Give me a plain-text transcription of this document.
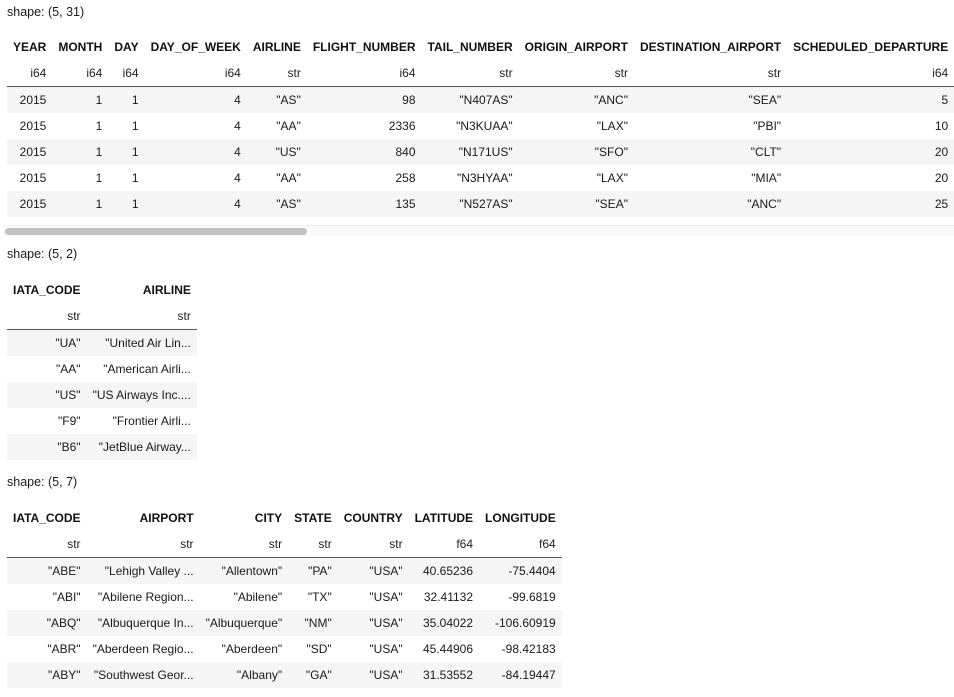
shape: (5, 31)
YEAR	MONTH	DAY	DAY_OF_WEEK	AIRLINE	FLIGHT_NUMBER	TAIL_NUMBER	ORIGIN_AIRPORT	DESTINATION_AIRPORT	SCHEDULED_DEPARTURE
i64	i64	i64	i64	str	i64	str	str	str	i64
2015	1	1	4	"AS"	98	"N407AS"	"ANC"	"SEA"	5
2015	1	1	4	"AA"	2336	"N3KUAA"	"LAX"	"PBI"	10
2015	1	1	4	"US"	840	"N171US"	"SFO"	"CLT"	20
2015	1	1	4	"AA"	258	"N3HYAA"	"LAX"	"MIA"	20
2015	1	1	4	"AS"	135	"N527AS"	"SEA"	"ANC"	25
shape: (5, 2)
IATA_CODE	AIRLINE
str	str
"UA"	"United Air Lin...
"AA"	"American Airli...
"US"	"US Airways Inc....
"F9"	"Frontier Airli...
"B6"	"JetBlue Airway...
shape: (5, 7)
IATA_CODE	AIRPORT	CITY	STATE	COUNTRY	LATITUDE	LONGITUDE
str	str	str	str	str	f64	f64
"ABE"	"Lehigh Valley ...	"Allentown"	"PA"	"USA"	40.65236	-75.4404
"ABI"	"Abilene Region...	"Abilene"	"TX"	"USA"	32.41132	-99.6819
"ABQ"	"Albuquerque In...	"Albuquerque"	"NM"	"USA"	35.04022	-106.60919
"ABR"	"Aberdeen Regio...	"Aberdeen"	"SD"	"USA"	45.44906	-98.42183
"ABY"	"Southwest Geor...	"Albany"	"GA"	"USA"	31.53552	-84.19447
